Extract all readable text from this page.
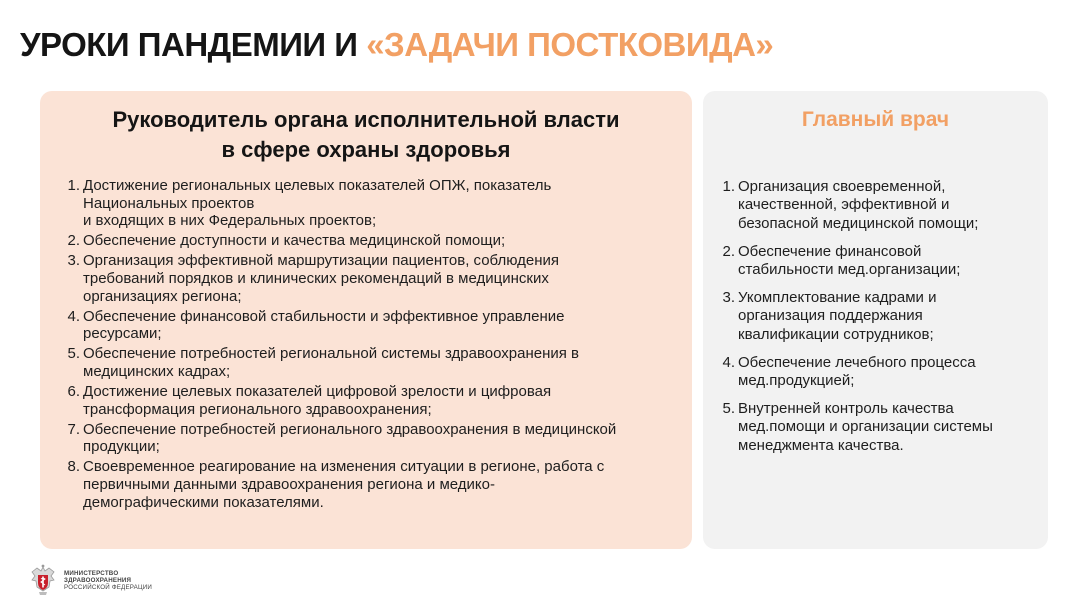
УРОКИ ПАНДЕМИИ И «ЗАДАЧИ ПОСТКОВИДА»
Руководитель органа исполнительной власти
в сфере охраны здоровья
1. Достижение региональных целевых показателей ОПЖ, показатель
Национальных проектов
и входящих в них Федеральных проектов;
2. Обеспечение доступности и качества медицинской помощи;
3. Организация эффективной маршрутизации пациентов, соблюдения
требований порядков и клинических рекомендаций в медицинских
организациях региона;
4. Обеспечение финансовой стабильности и эффективное управление
ресурсами;
5. Обеспечение потребностей региональной системы здравоохранения в
медицинских кадрах;
6. Достижение целевых показателей цифровой зрелости и цифровая
трансформация регионального здравоохранения;
7. Обеспечение потребностей регионального здравоохранения в медицинской
продукции;
8. Своевременное реагирование на изменения ситуации в регионе, работа с
первичными данными здравоохранения региона и медико-
демографическими показателями.
Главный врач
1. Организация своевременной,
качественной, эффективной и
безопасной медицинской помощи;
2. Обеспечение финансовой
стабильности мед.организации;
3. Укомплектование кадрами и
организация поддержания
квалификации сотрудников;
4. Обеспечение лечебного процесса
мед.продукцией;
5. Внутренней контроль качества
мед.помощи и организации системы
менеджмента качества.
МИНИСТЕРСТВО
ЗДРАВООХРАНЕНИЯ
РОССИЙСКОЙ ФЕДЕРАЦИИ
